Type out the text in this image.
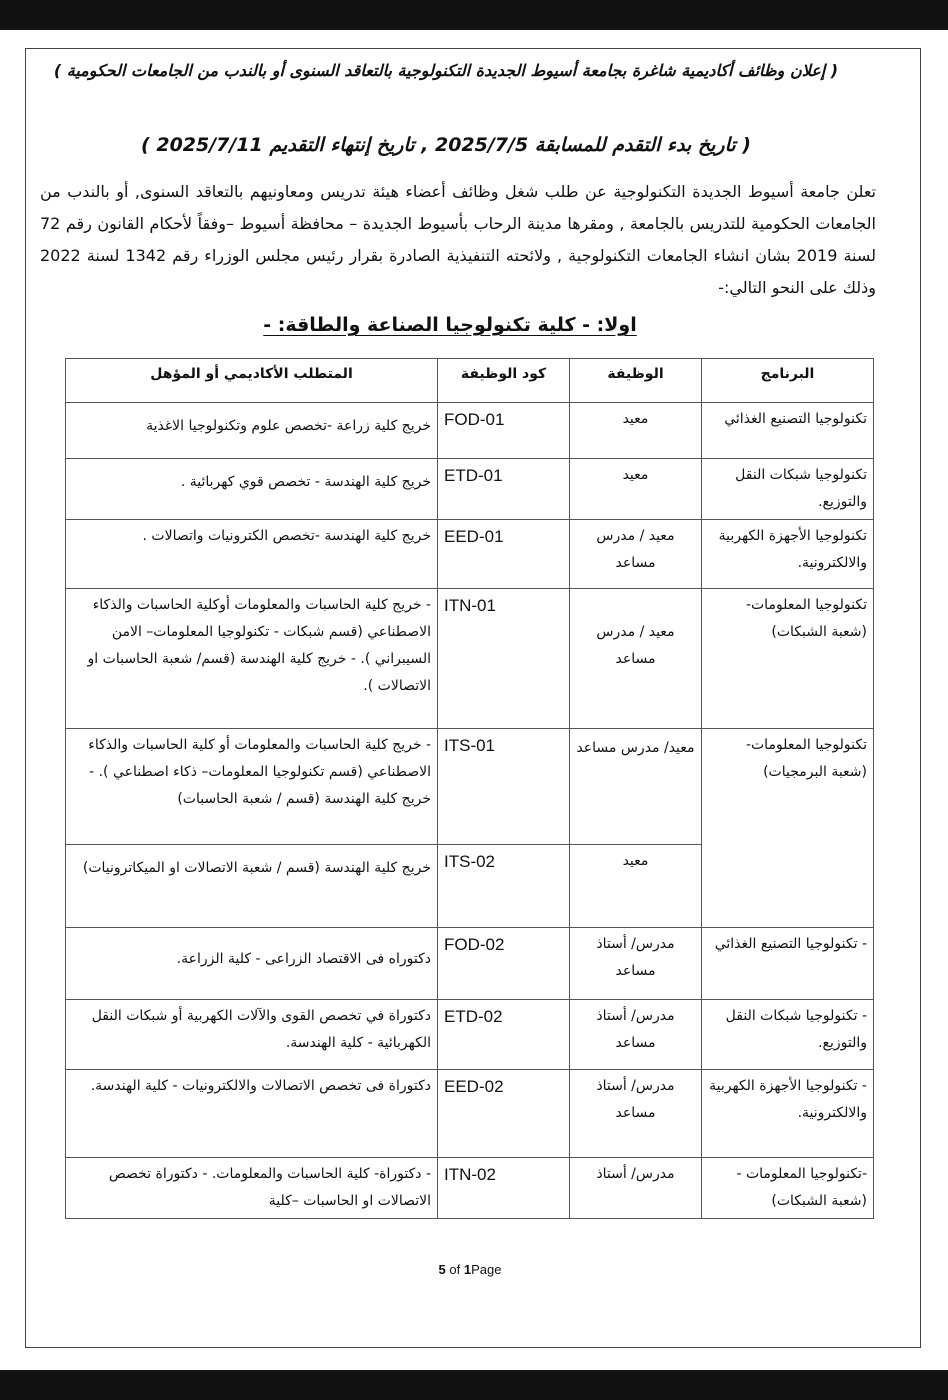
( إعلان وظائف أكاديمية شاغرة بجامعة أسيوط الجديدة التكنولوجية بالتعاقد السنوى أو بالندب من الجامعات الحكومية )
( تاريخ بدء التقدم للمسابقة 2025/7/5 , تاريخ إنتهاء التقديم 2025/7/11 )
تعلن جامعة أسيوط الجديدة التكنولوجية عن طلب شغل وظائف أعضاء هيئة تدريس ومعاونيهم بالتعاقد السنوى, أو بالندب من الجامعات الحكومية للتدريس بالجامعة , ومقرها مدينة الرحاب بأسيوط الجديدة – محافظة أسيوط –وفقاً لأحكام القانون رقم 72 لسنة 2019 بشان انشاء الجامعات التكنولوجية , ولائحته التنفيذية الصادرة بقرار رئيس مجلس الوزراء رقم 1342 لسنة 2022 وذلك على النحو التالي:-
اولا: - كلية تكنولوجيا الصناعة والطاقة: -
البرنامج	الوظيفة	كود الوظيفة	المتطلب الأكاديمي أو المؤهل
تكنولوجيا التصنيع الغذائي	معيد	FOD-01	خريج كلية زراعة -تخصص علوم وتكنولوجيا الاغذية
تكنولوجيا شبكات النقل والتوزيع.	معيد	ETD-01	خريج كلية الهندسة - تخصص قوي كهربائية .
تكنولوجيا الأجهزة الكهربية والالكترونية.	معيد / مدرس مساعد	EED-01	خريج كلية الهندسة -تخصص الكترونيات واتصالات .
تكنولوجيا المعلومات- (شعبة الشبكات)	معيد / مدرس مساعد	ITN-01	- خريج كلية الحاسبات والمعلومات أوكلية الحاسبات والذكاء الاصطناعي (قسم شبكات - تكنولوجيا المعلومات– الامن السيبراني ). - خريج كلية الهندسة (قسم/ شعبة الحاسبات او الاتصالات ).
تكنولوجيا المعلومات- (شعبة البرمجيات)	معيد/ مدرس مساعد	ITS-01	- خريج كلية الحاسبات والمعلومات أو كلية الحاسبات والذكاء الاصطناعي (قسم تكنولوجيا المعلومات– ذكاء اصطناعي ). - خريج كلية الهندسة (قسم / شعبة الحاسبات)
	معيد	ITS-02	خريج كلية الهندسة (قسم / شعبة الاتصالات او الميكاترونيات)
- تكنولوجيا التصنيع الغذائي	مدرس/ أستاذ مساعد	FOD-02	دكتوراه فى الاقتصاد الزراعى - كلية الزراعة.
- تكنولوجيا شبكات النقل والتوزيع.	مدرس/ أستاذ مساعد	ETD-02	دكتوراة في تخصص القوى والآلات الكهربية أو شبكات النقل الكهربائية - كلية الهندسة.
- تكنولوجيا الأجهزة الكهربية والالكترونية.	مدرس/ أستاذ مساعد	EED-02	دكتوراة فى تخصص الاتصالات والالكترونيات - كلية الهندسة.
-تكنولوجيا المعلومات -(شعبة الشبكات)	مدرس/ أستاذ	ITN-02	- دكتوراة- كلية الحاسبات والمعلومات. - دكتوراة تخصص الاتصالات او الحاسبات –كلية
5 of 1Page
